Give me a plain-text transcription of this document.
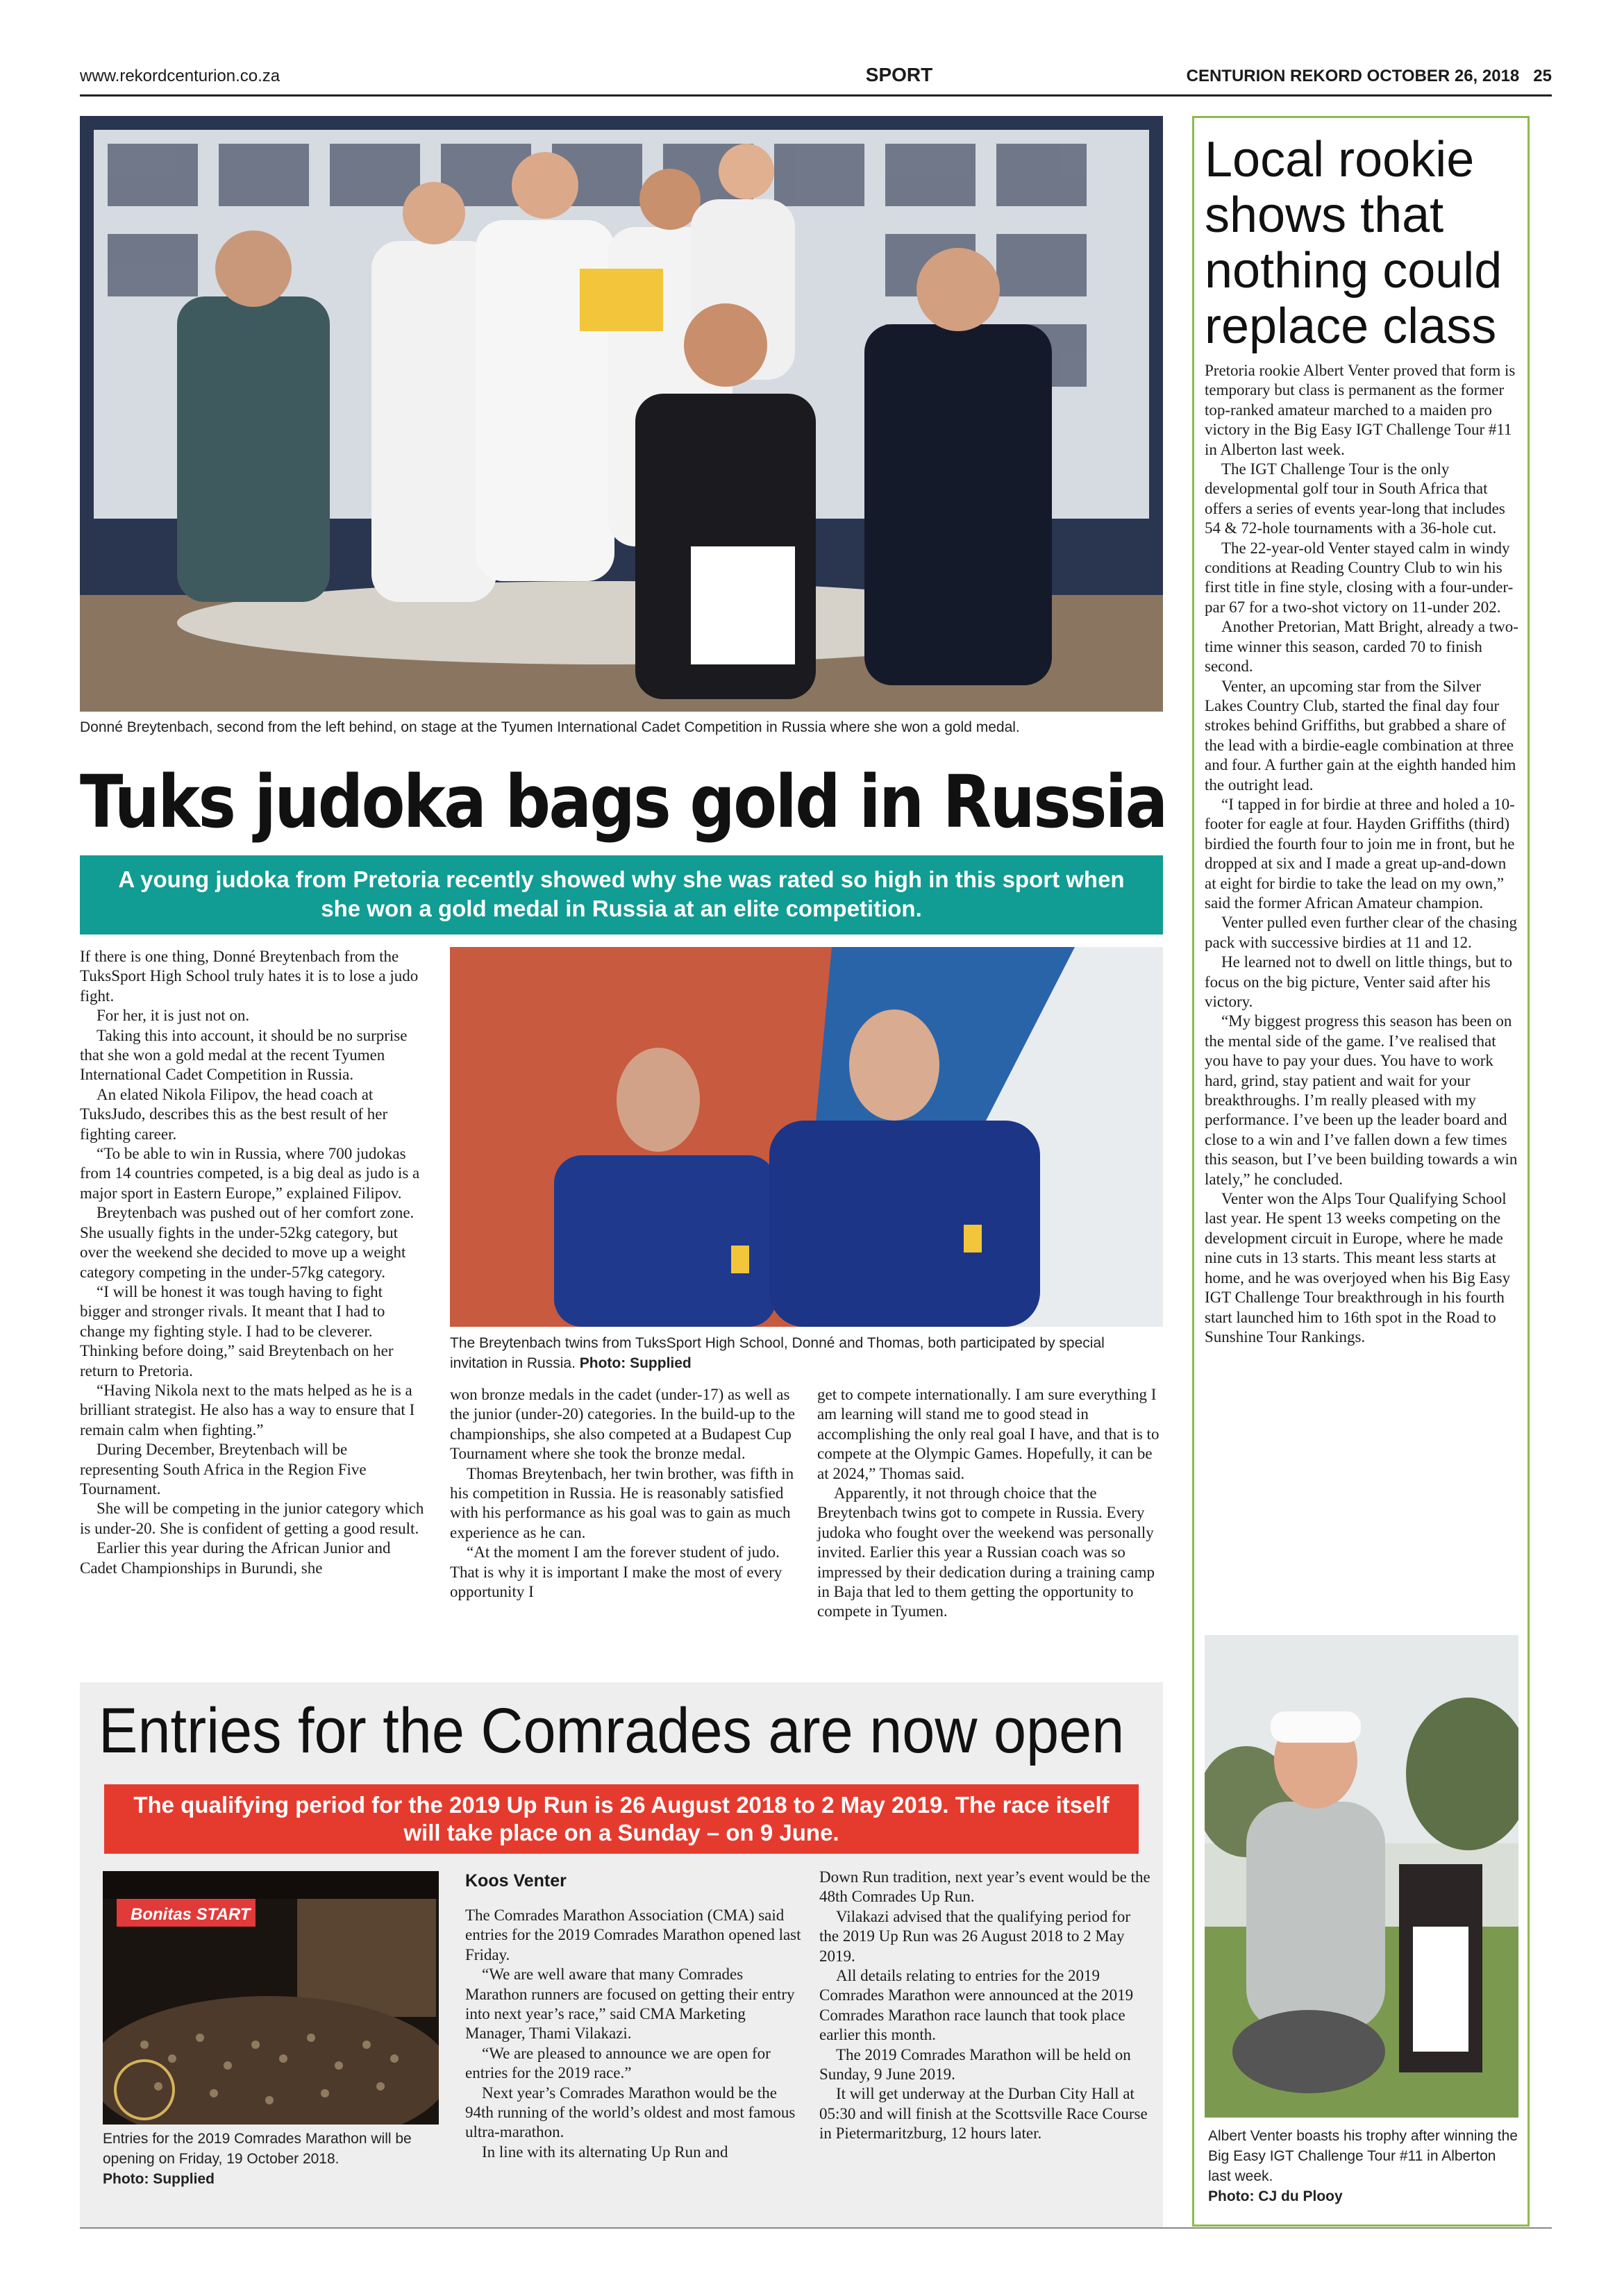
www.rekordcenturion.co.za	SPORT	CENTURION REKORD OCTOBER 26, 2018 25
Donné Breytenbach, second from the left behind, on stage at the Tyumen International Cadet Competition in Russia where she won a gold medal.
Tuks judoka bags gold in Russia
A young judoka from Pretoria recently showed why she was rated so high in this sport when she won a gold medal in Russia at an elite competition.

If there is one thing, Donné Breytenbach from the TuksSport High School truly hates it is to lose a judo fight.

For her, it is just not on.

Taking this into account, it should be no surprise that she won a gold medal at the recent Tyumen International Cadet Competition in Russia.

An elated Nikola Filipov, the head coach at TuksJudo, describes this as the best result of her fighting career.

“To be able to win in Russia, where 700 judokas from 14 countries competed, is a big deal as judo is a major sport in Eastern Europe,” explained Filipov.

Breytenbach was pushed out of her comfort zone. She usually fights in the under-52kg category, but over the weekend she decided to move up a weight category competing in the under-57kg category.

“I will be honest it was tough having to fight bigger and stronger rivals. It meant that I had to change my fighting style. I had to be cleverer. Thinking before doing,” said Breytenbach on her return to Pretoria.

“Having Nikola next to the mats helped as he is a brilliant strategist. He also has a way to ensure that I remain calm when fighting.”

During December, Breytenbach will be representing South Africa in the Region Five Tournament.

She will be competing in the junior category which is under-20. She is confident of getting a good result.

Earlier this year during the African Junior and Cadet Championships in Burundi, she

The Breytenbach twins from TuksSport High School, Donné and Thomas, both participated by special invitation in Russia. Photo: Supplied

won bronze medals in the cadet (under-17) as well as the junior (under-20) categories. In the build-up to the championships, she also competed at a Budapest Cup Tournament where she took the bronze medal.

Thomas Breytenbach, her twin brother, was fifth in his competition in Russia. He is reasonably satisfied with his performance as his goal was to gain as much experience as he can.

“At the moment I am the forever student of judo. That is why it is important I make the most of every opportunity I

get to compete internationally. I am sure everything I am learning will stand me to good stead in accomplishing the only real goal I have, and that is to compete at the Olympic Games. Hopefully, it can be at 2024,” Thomas said.

Apparently, it not through choice that the Breytenbach twins got to compete in Russia. Every judoka who fought over the weekend was personally invited. Earlier this year a Russian coach was so impressed by their dedication during a training camp in Baja that led to them getting the opportunity to compete in Tyumen.

Local rookie shows that nothing could replace class

Pretoria rookie Albert Venter proved that form is temporary but class is permanent as the former top-ranked amateur marched to a maiden pro victory in the Big Easy IGT Challenge Tour #11 in Alberton last week.

The IGT Challenge Tour is the only developmental golf tour in South Africa that offers a series of events year-long that includes 54 & 72-hole tournaments with a 36-hole cut.

The 22-year-old Venter stayed calm in windy conditions at Reading Country Club to win his first title in fine style, closing with a four-under-par 67 for a two-shot victory on 11-under 202.

Another Pretorian, Matt Bright, already a two-time winner this season, carded 70 to finish second.

Venter, an upcoming star from the Silver Lakes Country Club, started the final day four strokes behind Griffiths, but grabbed a share of the lead with a birdie-eagle combination at three and four. A further gain at the eighth handed him the outright lead.

“I tapped in for birdie at three and holed a 10-footer for eagle at four. Hayden Griffiths (third) birdied the fourth four to join me in front, but he dropped at six and I made a great up-and-down at eight for birdie to take the lead on my own,” said the former African Amateur champion.

Venter pulled even further clear of the chasing pack with successive birdies at 11 and 12.

He learned not to dwell on little things, but to focus on the big picture, Venter said after his victory.

“My biggest progress this season has been on the mental side of the game. I’ve realised that you have to pay your dues. You have to work hard, grind, stay patient and wait for your breakthroughs. I’m really pleased with my performance. I’ve been up the leader board and close to a win and I’ve fallen down a few times this season, but I’ve been building towards a win lately,” he concluded.

Venter won the Alps Tour Qualifying School last year. He spent 13 weeks competing on the development circuit in Europe, where he made nine cuts in 13 starts. This meant less starts at home, and he was overjoyed when his Big Easy IGT Challenge Tour breakthrough in his fourth start launched him to 16th spot in the Road to Sunshine Tour Rankings.

Albert Venter boasts his trophy after winning the Big Easy IGT Challenge Tour #11 in Alberton last week.
Photo: CJ du Plooy
Entries for the Comrades are now open
The qualifying period for the 2019 Up Run is 26 August 2018 to 2 May 2019. The race itself will take place on a Sunday – on 9 June.
Bonitas START
Entries for the 2019 Comrades Marathon will be opening on Friday, 19 October 2018.
Photo: Supplied
Koos Venter

The Comrades Marathon Association (CMA) said entries for the 2019 Comrades Marathon opened last Friday.

“We are well aware that many Comrades Marathon runners are focused on getting their entry into next year’s race,” said CMA Marketing Manager, Thami Vilakazi.

“We are pleased to announce we are open for entries for the 2019 race.”

Next year’s Comrades Marathon would be the 94th running of the world’s oldest and most famous ultra-marathon.

In line with its alternating Up Run and

Down Run tradition, next year’s event would be the 48th Comrades Up Run.

Vilakazi advised that the qualifying period for the 2019 Up Run was 26 August 2018 to 2 May 2019.

All details relating to entries for the 2019 Comrades Marathon were announced at the 2019 Comrades Marathon race launch that took place earlier this month.

The 2019 Comrades Marathon will be held on Sunday, 9 June 2019.

It will get underway at the Durban City Hall at 05:30 and will finish at the Scottsville Race Course in Pietermaritzburg, 12 hours later.
